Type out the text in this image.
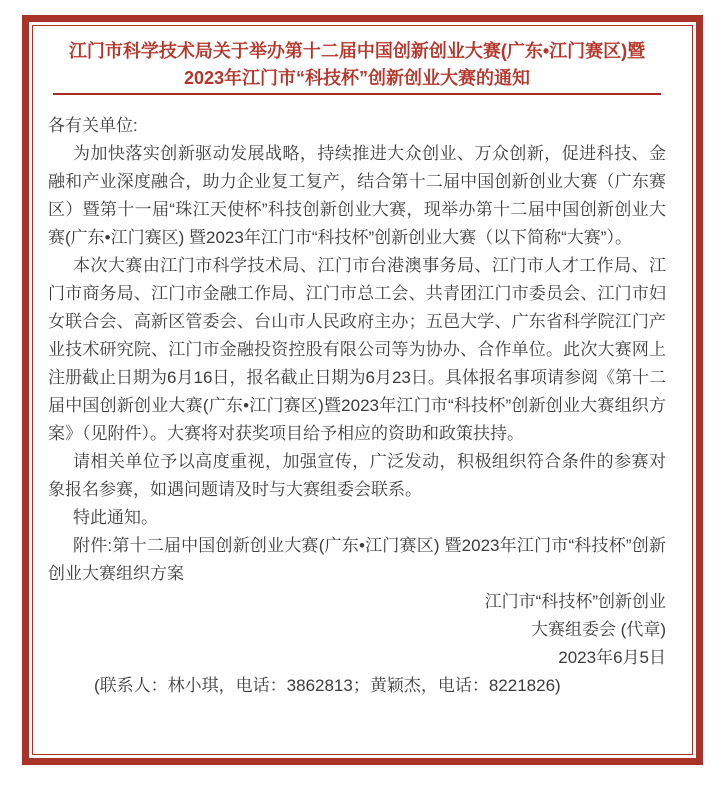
江门市科学技术局关于举办第十二届中国创新创业大赛(广东•江门赛区)暨2023年江门市“科技杯”创新创业大赛的通知

各有关单位:

为加快落实创新驱动发展战略，持续推进大众创业、万众创新，促进科技、金融和产业深度融合，助力企业复工复产，结合第十二届中国创新创业大赛（广东赛区）暨第十一届“珠江天使杯”科技创新创业大赛，现举办第十二届中国创新创业大赛(广东•江门赛区) 暨2023年江门市“科技杯”创新创业大赛（以下简称“大赛”）。

本次大赛由江门市科学技术局、江门市台港澳事务局、江门市人才工作局、江门市商务局、江门市金融工作局、江门市总工会、共青团江门市委员会、江门市妇女联合会、高新区管委会、台山市人民政府主办；五邑大学、广东省科学院江门产业技术研究院、江门市金融投资控股有限公司等为协办、合作单位。此次大赛网上注册截止日期为6月16日，报名截止日期为6月23日。具体报名事项请参阅《第十二届中国创新创业大赛(广东•江门赛区)暨2023年江门市“科技杯”创新创业大赛组织方案》（见附件）。大赛将对获奖项目给予相应的资助和政策扶持。

请相关单位予以高度重视，加强宣传，广泛发动，积极组织符合条件的参赛对象报名参赛，如遇问题请及时与大赛组委会联系。

特此通知。

附件:第十二届中国创新创业大赛(广东•江门赛区) 暨2023年江门市“科技杯”创新创业大赛组织方案

江门市“科技杯”创新创业

大赛组委会 (代章)

2023年6月5日

(联系人：林小琪，电话：3862813；黄颖杰，电话：8221826)
